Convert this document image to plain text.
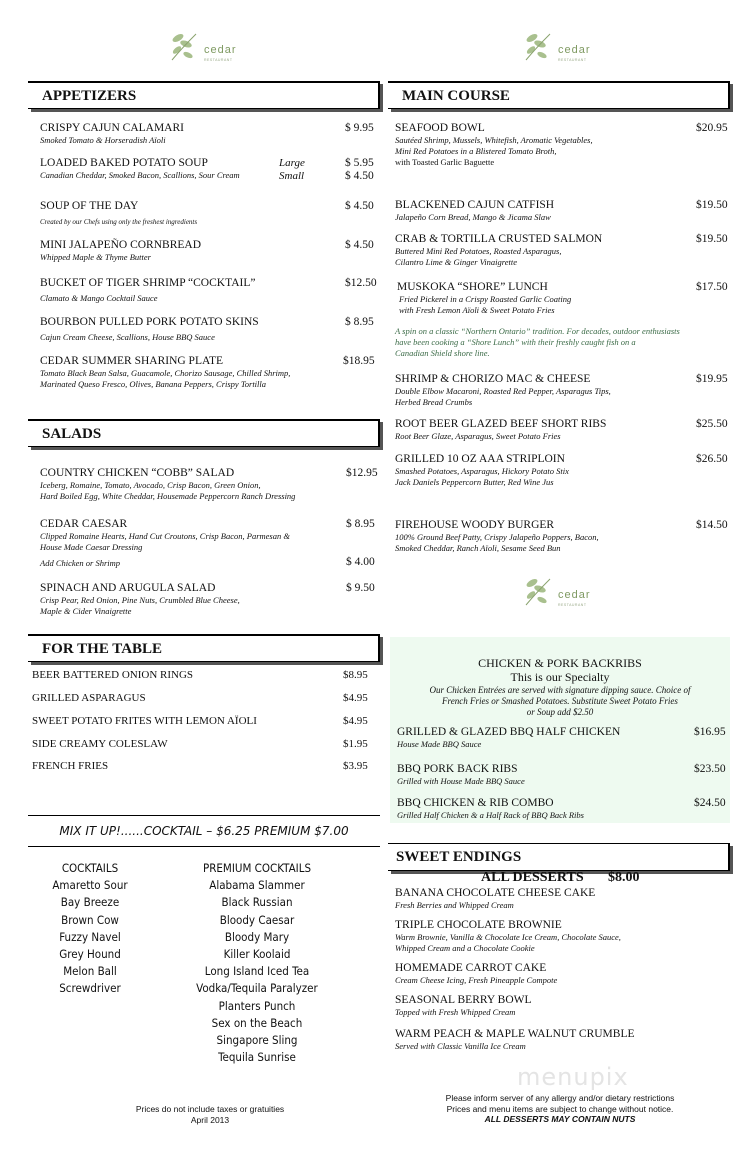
cedar
RESTAURANT
cedar
RESTAURANT
cedar
RESTAURANT
APPETIZERS
CRISPY CAJUN CALAMARI
Smoked Tomato & Horseradish Aïoli
$ 9.95
LOADED BAKED POTATO SOUP
Canadian Cheddar, Smoked Bacon, Scallions, Sour Cream
Large
Small
$ 5.95
$ 4.50
SOUP OF THE DAY
Created by our Chefs using only the freshest ingredients
$ 4.50
MINI JALAPEÑO CORNBREAD
Whipped Maple & Thyme Butter
$ 4.50
BUCKET OF TIGER SHRIMP “COCKTAIL”
Clamato & Mango Cocktail Sauce
$12.50
BOURBON PULLED PORK POTATO SKINS
Cajun Cream Cheese, Scallions, House BBQ Sauce
$ 8.95
CEDAR SUMMER SHARING PLATE
Tomato Black Bean Salsa, Guacamole, Chorizo Sausage, Chilled Shrimp,
Marinated Queso Fresco, Olives, Banana Peppers, Crispy Tortilla
$18.95
SALADS
COUNTRY CHICKEN “COBB” SALAD
Iceberg, Romaine, Tomato, Avocado, Crisp Bacon, Green Onion,
Hard Boiled Egg, White Cheddar, Housemade Peppercorn Ranch Dressing
$12.95
CEDAR CAESAR
Clipped Romaine Hearts, Hand Cut Croutons, Crisp Bacon, Parmesan &
House Made Caesar Dressing
Add Chicken or Shrimp
$ 8.95
$ 4.00
SPINACH AND ARUGULA SALAD
Crisp Pear, Red Onion, Pine Nuts, Crumbled Blue Cheese,
Maple & Cider Vinaigrette
$ 9.50
FOR THE TABLE
BEER BATTERED ONION RINGS	$8.95
GRILLED ASPARAGUS	$4.95
SWEET POTATO FRITES WITH LEMON AÏOLI	$4.95
SIDE CREAMY COLESLAW	$1.95
FRENCH FRIES	$3.95
MIX IT UP!......COCKTAIL – $6.25 PREMIUM $7.00
COCKTAILS
Amaretto Sour
Bay Breeze
Brown Cow
Fuzzy Navel
Grey Hound
Melon Ball
Screwdriver
PREMIUM COCKTAILS
Alabama Slammer
Black Russian
Bloody Caesar
Bloody Mary
Killer Koolaid
Long Island Iced Tea
Vodka/Tequila Paralyzer
Planters Punch
Sex on the Beach
Singapore Sling
Tequila Sunrise
Prices do not include taxes or gratuities
April 2013
MAIN COURSE
SEAFOOD BOWL
Sautéed Shrimp, Mussels, Whitefish, Aromatic Vegetables,
Mini Red Potatoes in a Blistered Tomato Broth,
with Toasted Garlic Baguette
$20.95
BLACKENED CAJUN CATFISH
Jalapeño Corn Bread, Mango & Jicama Slaw
$19.50
CRAB & TORTILLA CRUSTED SALMON
Buttered Mini Red Potatoes, Roasted Asparagus,
Cilantro Lime & Ginger Vinaigrette
$19.50
MUSKOKA “SHORE” LUNCH
Fried Pickerel in a Crispy Roasted Garlic Coating
with Fresh Lemon Aïoli & Sweet Potato Fries
$17.50
A spin on a classic “Northern Ontario” tradition. For decades, outdoor enthusiasts
have been cooking a “Shore Lunch” with their freshly caught fish on a
Canadian Shield shore line.
SHRIMP & CHORIZO MAC & CHEESE
Double Elbow Macaroni, Roasted Red Pepper, Asparagus Tips,
Herbed Bread Crumbs
$19.95
ROOT BEER GLAZED BEEF SHORT RIBS
Root Beer Glaze, Asparagus, Sweet Potato Fries
$25.50
GRILLED 10 OZ AAA STRIPLOIN
Smashed Potatoes, Asparagus, Hickory Potato Stix
Jack Daniels Peppercorn Butter, Red Wine Jus
$26.50
FIREHOUSE WOODY BURGER
100% Ground Beef Patty, Crispy Jalapeño Poppers, Bacon,
Smoked Cheddar, Ranch Aïoli, Sesame Seed Bun
$14.50
CHICKEN & PORK BACKRIBS
This is our Specialty
Our Chicken Entrées are served with signature dipping sauce. Choice of
French Fries or Smashed Potatoes. Substitute Sweet Potato Fries
or Soup add $2.50
GRILLED & GLAZED BBQ HALF CHICKEN
House Made BBQ Sauce
$16.95
BBQ PORK BACK RIBS
Grilled with House Made BBQ Sauce
$23.50
BBQ CHICKEN & RIB COMBO
Grilled Half Chicken & a Half Rack of BBQ Back Ribs
$24.50
SWEET ENDINGS
ALL DESSERTS $8.00
BANANA CHOCOLATE CHEESE CAKE
Fresh Berries and Whipped Cream
TRIPLE CHOCOLATE BROWNIE
Warm Brownie, Vanilla & Chocolate Ice Cream, Chocolate Sauce,
Whipped Cream and a Chocolate Cookie
HOMEMADE CARROT CAKE
Cream Cheese Icing, Fresh Pineapple Compote
SEASONAL BERRY BOWL
Topped with Fresh Whipped Cream
WARM PEACH & MAPLE WALNUT CRUMBLE
Served with Classic Vanilla Ice Cream
menupix
Please inform server of any allergy and/or dietary restrictions
Prices and menu items are subject to change without notice.
ALL DESSERTS MAY CONTAIN NUTS
